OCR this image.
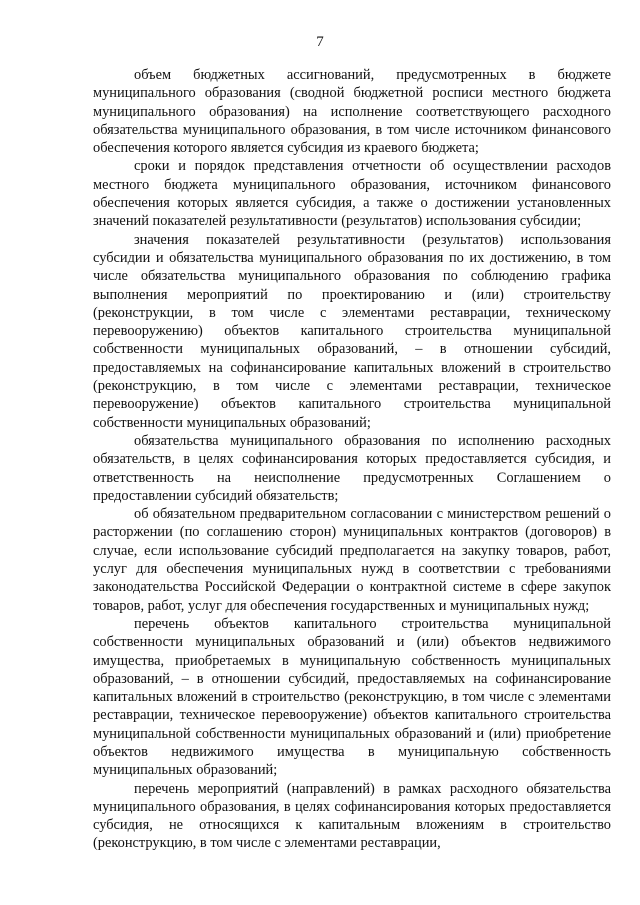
7

объем бюджетных ассигнований, предусмотренных в бюджете муниципального образования (сводной бюджетной росписи местного бюджета муниципального образования) на исполнение соответствующего расходного обязательства муниципального образования, в том числе источником финансового обеспечения которого является субсидия из краевого бюджета;

сроки и порядок представления отчетности об осуществлении расходов местного бюджета муниципального образования, источником финансового обеспечения которых является субсидия, а также о достижении установленных значений показателей результативности (результатов) использования субсидии;

значения показателей результативности (результатов) использования субсидии и обязательства муниципального образования по их достижению, в том числе обязательства муниципального образования по соблюдению графика выполнения мероприятий по проектированию и (или) строительству (реконструкции, в том числе с элементами реставрации, техническому перевооружению) объектов капитального строительства муниципальной собственности муниципальных образований, – в отношении субсидий, предоставляемых на софинансирование капитальных вложений в строительство (реконструкцию, в том числе с элементами реставрации, техническое перевооружение) объектов капитального строительства муниципальной собственности муниципальных образований;

обязательства муниципального образования по исполнению расходных обязательств, в целях софинансирования которых предоставляется субсидия, и ответственность на неисполнение предусмотренных Соглашением о предоставлении субсидий обязательств;

об обязательном предварительном согласовании с министерством решений о расторжении (по соглашению сторон) муниципальных контрактов (договоров) в случае, если использование субсидий предполагается на закупку товаров, работ, услуг для обеспечения муниципальных нужд в соответствии с требованиями законодательства Российской Федерации о контрактной системе в сфере закупок товаров, работ, услуг для обеспечения государственных и муниципальных нужд;

перечень объектов капитального строительства муниципальной собственности муниципальных образований и (или) объектов недвижимого имущества, приобретаемых в муниципальную собственность муниципальных образований, – в отношении субсидий, предоставляемых на софинансирование капитальных вложений в строительство (реконструкцию, в том числе с элементами реставрации, техническое перевооружение) объектов капитального строительства муниципальной собственности муниципальных образований и (или) приобретение объектов недвижимого имущества в муниципальную собственность муниципальных образований;

перечень мероприятий (направлений) в рамках расходного обязательства муниципального образования, в целях софинансирования которых предоставляется субсидия, не относящихся к капитальным вложениям в строительство (реконструкцию, в том числе с элементами реставрации,
